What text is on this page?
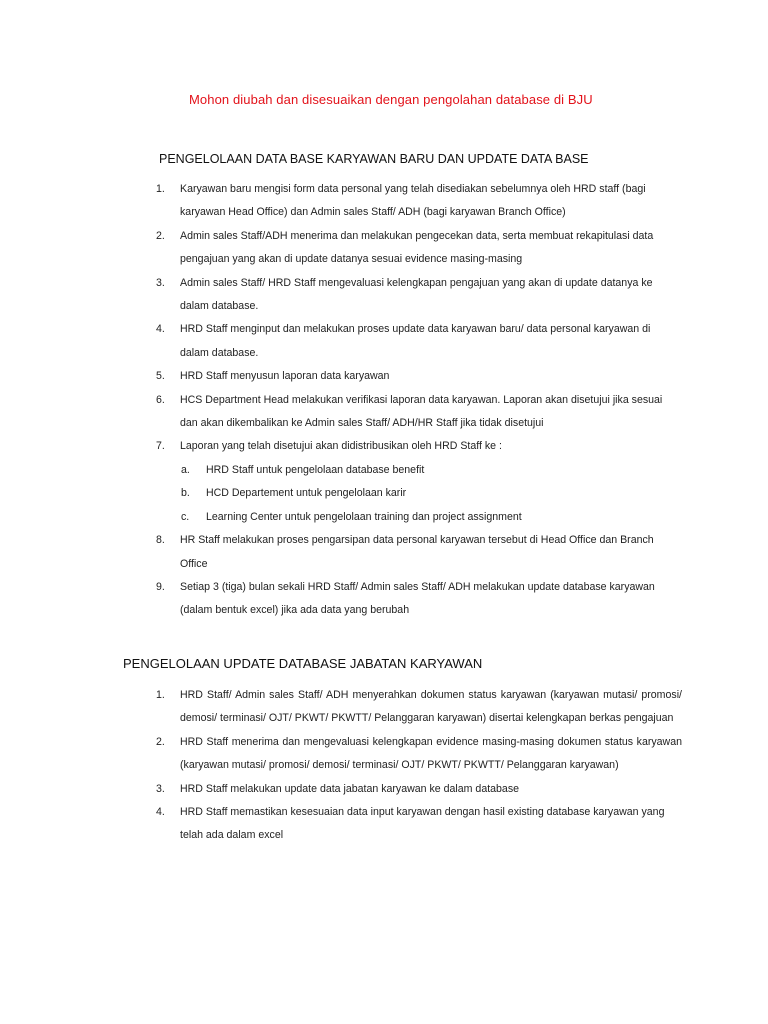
Mohon diubah dan disesuaikan dengan pengolahan database di BJU
PENGELOLAAN DATA BASE KARYAWAN BARU DAN UPDATE DATA BASE
1. Karyawan baru mengisi form data personal yang telah disediakan sebelumnya oleh HRD staff (bagi karyawan Head Office) dan Admin sales Staff/ ADH (bagi karyawan Branch Office)
2. Admin sales Staff/ADH menerima dan melakukan pengecekan data, serta membuat rekapitulasi data pengajuan yang akan di update datanya sesuai evidence masing-masing
3. Admin sales Staff/ HRD Staff mengevaluasi kelengkapan pengajuan yang akan di update datanya ke dalam database.
4. HRD Staff menginput dan melakukan proses update data karyawan baru/ data personal karyawan di dalam database.
5. HRD Staff menyusun laporan data karyawan
6. HCS Department Head melakukan verifikasi laporan data karyawan. Laporan akan disetujui jika sesuai dan akan dikembalikan ke Admin sales Staff/ ADH/HR Staff jika tidak disetujui
7. Laporan yang telah disetujui akan didistribusikan oleh HRD Staff ke :
a. HRD Staff untuk pengelolaan database benefit
b. HCD Departement untuk pengelolaan karir
c. Learning Center untuk pengelolaan training dan project assignment
8. HR Staff melakukan proses pengarsipan data personal karyawan tersebut di Head Office dan Branch Office
9. Setiap 3 (tiga) bulan sekali HRD Staff/ Admin sales Staff/ ADH melakukan update database karyawan (dalam bentuk excel) jika ada data yang berubah
PENGELOLAAN UPDATE DATABASE JABATAN KARYAWAN
1. HRD Staff/ Admin sales Staff/ ADH menyerahkan dokumen status karyawan (karyawan mutasi/ promosi/ demosi/ terminasi/ OJT/ PKWT/ PKWTT/ Pelanggaran karyawan) disertai kelengkapan berkas pengajuan
2. HRD Staff menerima dan mengevaluasi kelengkapan evidence masing-masing dokumen status karyawan (karyawan mutasi/ promosi/ demosi/ terminasi/ OJT/ PKWT/ PKWTT/ Pelanggaran karyawan)
3. HRD Staff melakukan update data jabatan karyawan ke dalam database
4. HRD Staff memastikan kesesuaian data input karyawan dengan hasil existing database karyawan yang telah ada dalam excel
